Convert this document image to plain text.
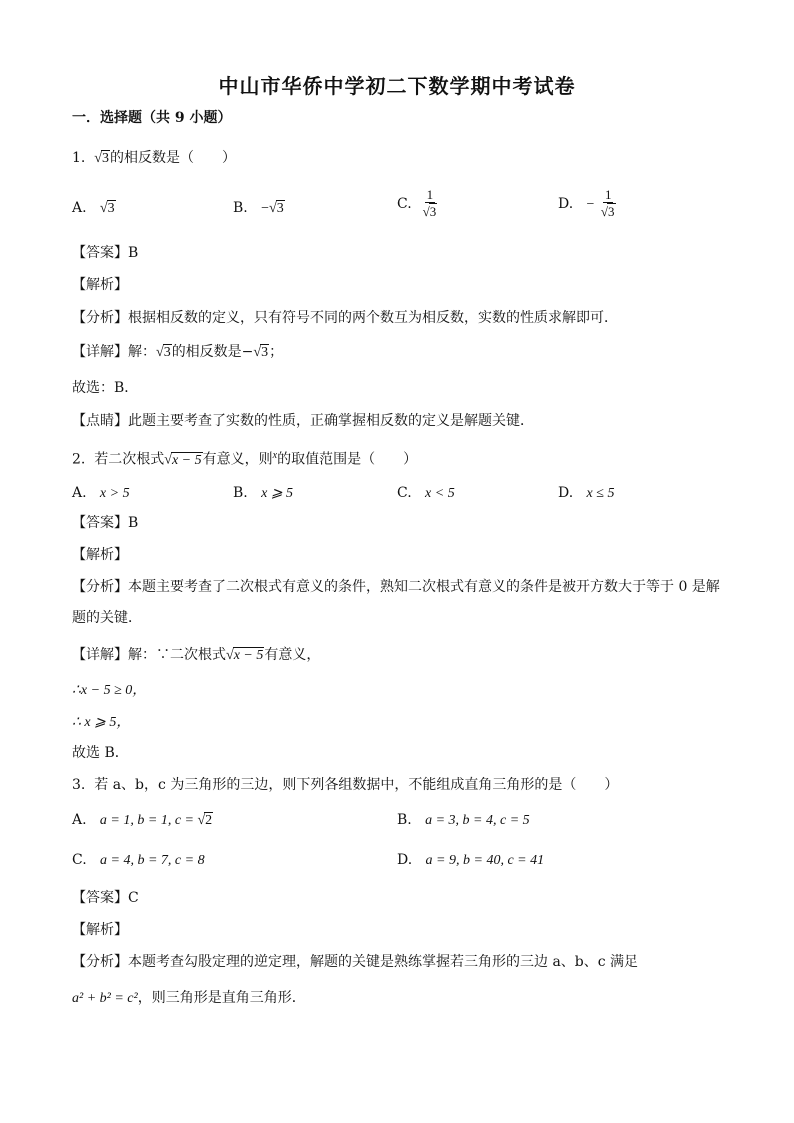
中山市华侨中学初二下数学期中考试卷
一．选择题（共 9 小题）
1. √3的相反数是（　　）
A. √3	B. −√3	C. $\frac{1}{√3}$	D. − $\frac{1}{√3}$
【答案】B
【解析】
【分析】根据相反数的定义，只有符号不同的两个数互为相反数，实数的性质求解即可．
【详解】解：√3的相反数是−√3；
故选：B．
【点睛】此题主要考查了实数的性质，正确掌握相反数的定义是解题关键．
2. 若二次根式√x − 5有意义，则$^x$的取值范围是（　　）
A. x > 5	B. x ⩾ 5	C. x < 5	D. x ≤ 5
【答案】B
【解析】
【分析】本题主要考查了二次根式有意义的条件，熟知二次根式有意义的条件是被开方数大于等于 0 是解
题的关键．
【详解】解：∵二次根式√x − 5有意义，
∴x − 5 ≥ 0，
∴ x ⩾ 5，
故选 B．
3. 若 a、b，c 为三角形的三边，则下列各组数据中，不能组成直角三角形的是（　　）
A. a = 1, b = 1, c = √2	B. a = 3, b = 4, c = 5
C. a = 4, b = 7, c = 8	D. a = 9, b = 40, c = 41
【答案】C
【解析】
【分析】本题考查勾股定理的逆定理，解题的关键是熟练掌握若三角形的三边 a、b、c 满足
a² + b² = c²，则三角形是直角三角形．
